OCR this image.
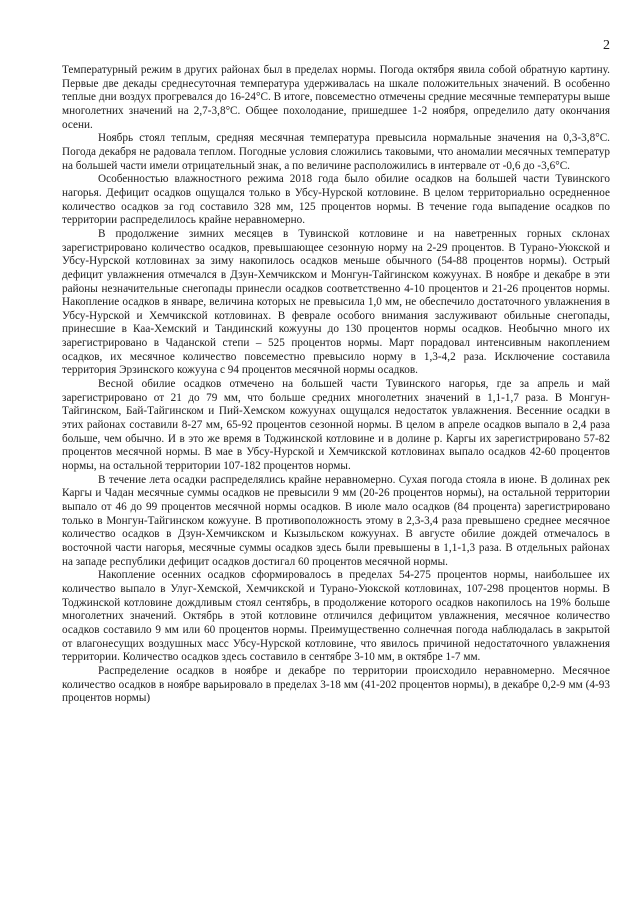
2

Температурный режим в других районах был в пределах нормы. Погода октября явила собой обратную картину. Первые две декады среднесуточная температура удерживалась на шкале положительных значений. В особенно теплые дни воздух прогревался до 16-24°С. В итоге, повсеместно отмечены средние месячные температуры выше многолетних значений на 2,7-3,8°С. Общее похолодание, пришедшее 1-2 ноября, определило дату окончания осени.

Ноябрь стоял теплым, средняя месячная температура превысила нормальные значения на 0,3-3,8°С. Погода декабря не радовала теплом. Погодные условия сложились таковыми, что аномалии месячных температур на большей части имели отрицательный знак, а по величине расположились в интервале от -0,6 до -3,6°С.

Особенностью влажностного режима 2018 года было обилие осадков на большей части Тувинского нагорья. Дефицит осадков ощущался только в Убсу-Нурской котловине. В целом территориально осредненное количество осадков за год составило 328 мм, 125 процентов нормы. В течение года выпадение осадков по территории распределилось крайне неравномерно.

В продолжение зимних месяцев в Тувинской котловине и на наветренных горных склонах зарегистрировано количество осадков, превышающее сезонную норму на 2-29 процентов. В Турано-Уюкской и Убсу-Нурской котловинах за зиму накопилось осадков меньше обычного (54-88 процентов нормы). Острый дефицит увлажнения отмечался в Дзун-Хемчикском и Монгун-Тайгинском кожуунах. В ноябре и декабре в эти районы незначительные снегопады принесли осадков соответственно 4-10 процентов и 21-26 процентов нормы. Накопление осадков в январе, величина которых не превысила 1,0 мм, не обеспечило достаточного увлажнения в Убсу-Нурской и Хемчикской котловинах. В феврале особого внимания заслуживают обильные снегопады, принесшие в Каа-Хемский и Тандинский кожууны до 130 процентов нормы осадков. Необычно много их зарегистрировано в Чаданской степи – 525 процентов нормы. Март порадовал интенсивным накоплением осадков, их месячное количество повсеместно превысило норму в 1,3-4,2 раза. Исключение составила территория Эрзинского кожууна с 94 процентов месячной нормы осадков.

Весной обилие осадков отмечено на большей части Тувинского нагорья, где за апрель и май зарегистрировано от 21 до 79 мм, что больше средних многолетних значений в 1,1-1,7 раза. В Монгун-Тайгинском, Бай-Тайгинском и Пий-Хемском кожуунах ощущался недостаток увлажнения. Весенние осадки в этих районах составили 8-27 мм, 65-92 процентов сезонной нормы. В целом в апреле осадков выпало в 2,4 раза больше, чем обычно. И в это же время в Тоджинской котловине и в долине р. Каргы их зарегистрировано 57-82 процентов месячной нормы. В мае в Убсу-Нурской и Хемчикской котловинах выпало осадков 42-60 процентов нормы, на остальной территории 107-182 процентов нормы.

В течение лета осадки распределялись крайне неравномерно. Сухая погода стояла в июне. В долинах рек Каргы и Чадан месячные суммы осадков не превысили 9 мм (20-26 процентов нормы), на остальной территории выпало от 46 до 99 процентов месячной нормы осадков. В июле мало осадков (84 процента) зарегистрировано только в Монгун-Тайгинском кожууне. В противоположность этому в 2,3-3,4 раза превышено среднее месячное количество осадков в Дзун-Хемчикском и Кызыльском кожуунах. В августе обилие дождей отмечалось в восточной части нагорья, месячные суммы осадков здесь были превышены в 1,1-1,3 раза. В отдельных районах на западе республики дефицит осадков достигал 60 процентов месячной нормы.

Накопление осенних осадков сформировалось в пределах 54-275 процентов нормы, наибольшее их количество выпало в Улуг-Хемской, Хемчикской и Турано-Уюкской котловинах, 107-298 процентов нормы. В Тоджинской котловине дождливым стоял сентябрь, в продолжение которого осадков накопилось на 19% больше многолетних значений. Октябрь в этой котловине отличился дефицитом увлажнения, месячное количество осадков составило 9 мм или 60 процентов нормы. Преимущественно солнечная погода наблюдалась в закрытой от влагонесущих воздушных масс Убсу-Нурской котловине, что явилось причиной недостаточного увлажнения территории. Количество осадков здесь составило в сентябре 3-10 мм, в октябре 1-7 мм.

Распределение осадков в ноябре и декабре по территории происходило неравномерно. Месячное количество осадков в ноябре варьировало в пределах 3-18 мм (41-202 процентов нормы), в декабре 0,2-9 мм (4-93 процентов нормы)
